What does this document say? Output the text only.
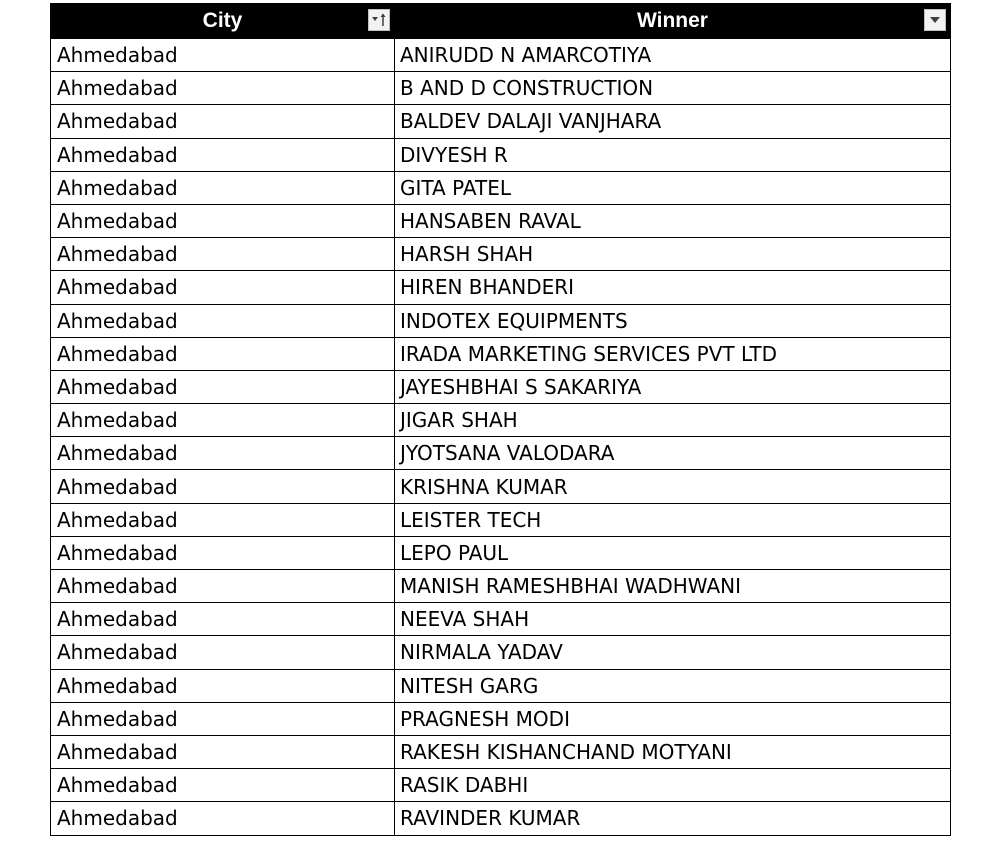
City	Winner

Ahmedabad	ANIRUDD N AMARCOTIYA
Ahmedabad	B AND D CONSTRUCTION
Ahmedabad	BALDEV DALAJI VANJHARA
Ahmedabad	DIVYESH R
Ahmedabad	GITA PATEL
Ahmedabad	HANSABEN RAVAL
Ahmedabad	HARSH SHAH
Ahmedabad	HIREN BHANDERI
Ahmedabad	INDOTEX EQUIPMENTS
Ahmedabad	IRADA MARKETING SERVICES PVT LTD
Ahmedabad	JAYESHBHAI S SAKARIYA
Ahmedabad	JIGAR SHAH
Ahmedabad	JYOTSANA VALODARA
Ahmedabad	KRISHNA KUMAR
Ahmedabad	LEISTER TECH
Ahmedabad	LEPO PAUL
Ahmedabad	MANISH RAMESHBHAI WADHWANI
Ahmedabad	NEEVA SHAH
Ahmedabad	NIRMALA YADAV
Ahmedabad	NITESH GARG
Ahmedabad	PRAGNESH MODI
Ahmedabad	RAKESH KISHANCHAND MOTYANI
Ahmedabad	RASIK DABHI
Ahmedabad	RAVINDER KUMAR
